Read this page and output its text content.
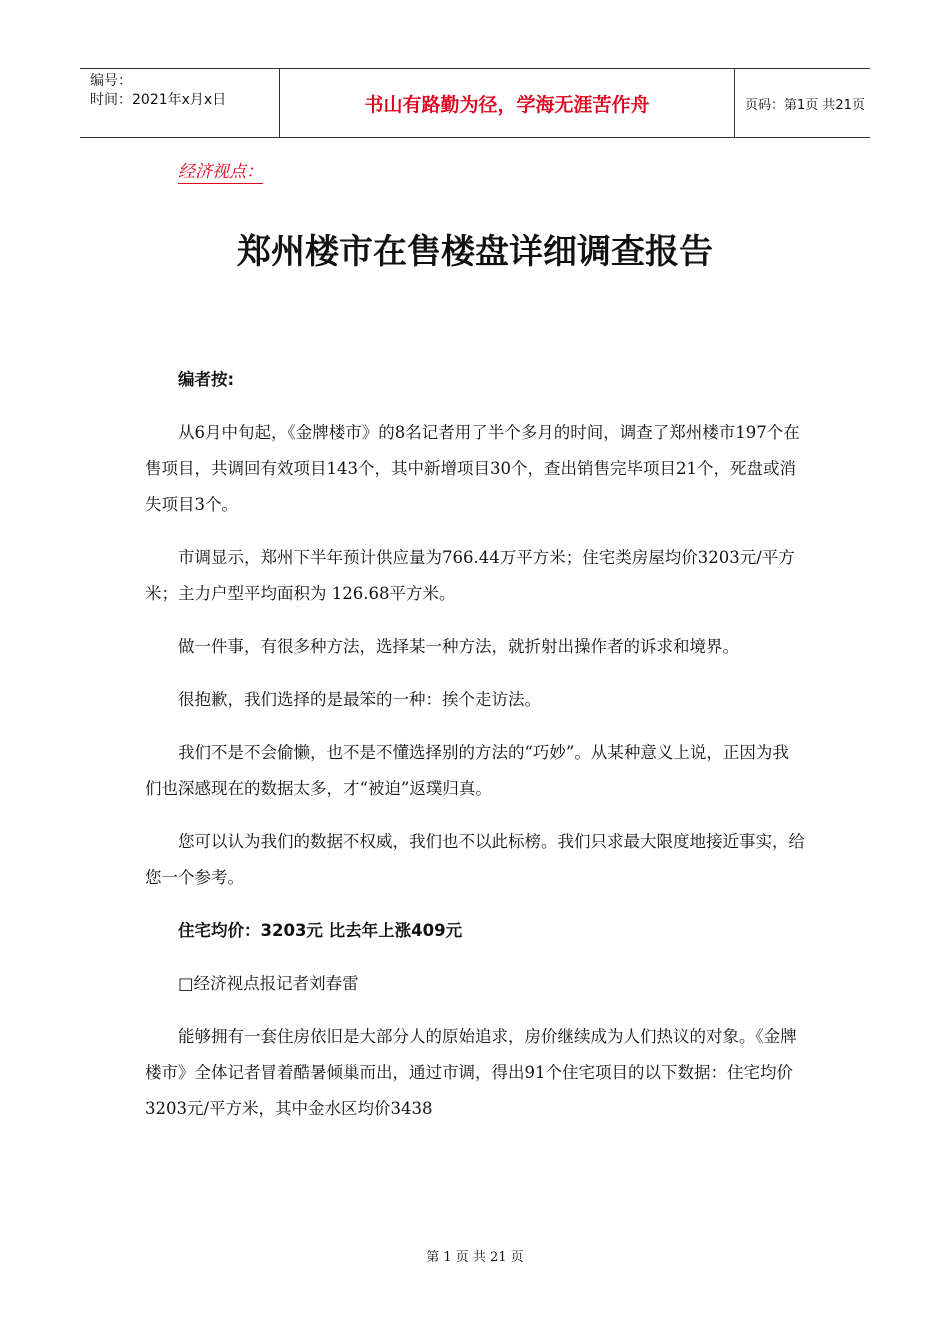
编号：
时间：2021年x月x日	书山有路勤为径，学海无涯苦作舟	页码：第1页 共21页
经济视点：
郑州楼市在售楼盘详细调查报告

编者按:

从6月中旬起，《金牌楼市》的8名记者用了半个多月的时间，调查了郑州楼市197个在售项目，共调回有效项目143个，其中新增项目30个，查出销售完毕项目21个，死盘或消失项目3个。

市调显示，郑州下半年预计供应量为766.44万平方米；住宅类房屋均价3203元/平方米；主力户型平均面积为 126.68平方米。

做一件事，有很多种方法，选择某一种方法，就折射出操作者的诉求和境界。

很抱歉，我们选择的是最笨的一种：挨个走访法。

我们不是不会偷懒，也不是不懂选择别的方法的“巧妙”。从某种意义上说，正因为我们也深感现在的数据太多，才“被迫”返璞归真。

您可以认为我们的数据不权威，我们也不以此标榜。我们只求最大限度地接近事实，给您一个参考。

住宅均价：3203元 比去年上涨409元

□经济视点报记者刘春雷

能够拥有一套住房依旧是大部分人的原始追求，房价继续成为人们热议的对象。《金牌楼市》全体记者冒着酷暑倾巢而出，通过市调，得出91个住宅项目的以下数据：住宅均价3203元/平方米，其中金水区均价3438

第 1 页 共 21 页
